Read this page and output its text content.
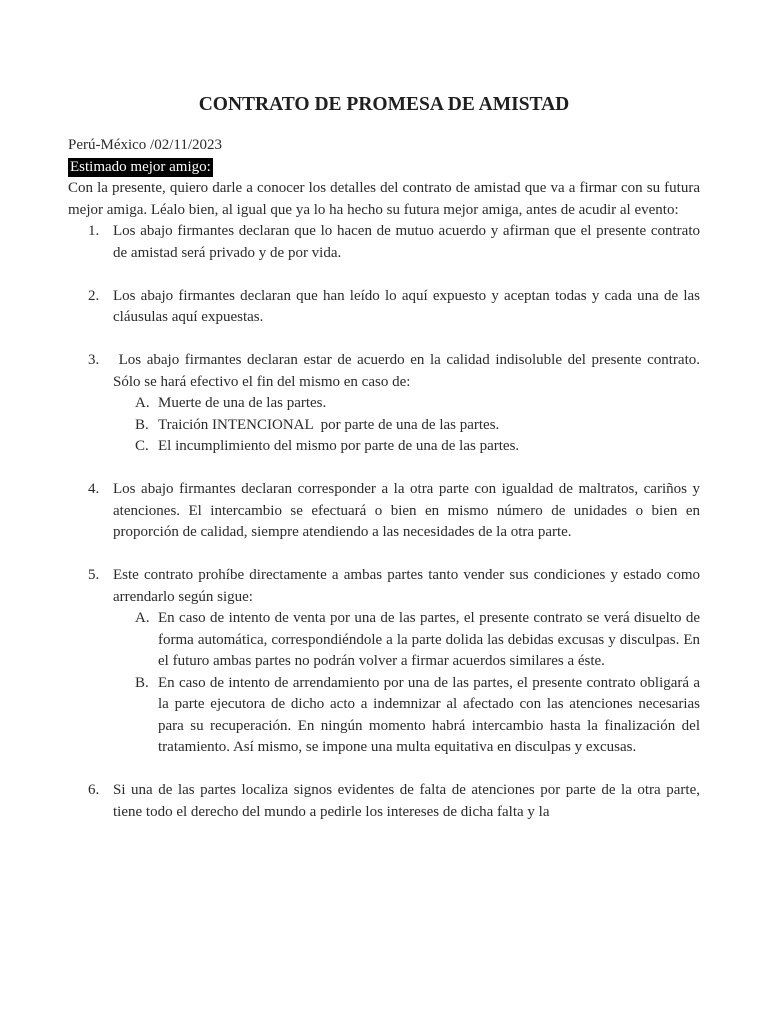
CONTRATO DE PROMESA DE AMISTAD

Perú-México /02/11/2023

Estimado mejor amigo:

Con la presente, quiero darle a conocer los detalles del contrato de amistad que va a firmar con su futura mejor amiga. Léalo bien, al igual que ya lo ha hecho su futura mejor amiga, antes de acudir al evento:

1. Los abajo firmantes declaran que lo hacen de mutuo acuerdo y afirman que el presente contrato de amistad será privado y de por vida.
2. Los abajo firmantes declaran que han leído lo aquí expuesto y aceptan todas y cada una de las cláusulas aquí expuestas.
3. Los abajo firmantes declaran estar de acuerdo en la calidad indisoluble del presente contrato. Sólo se hará efectivo el fin del mismo en caso de:
A. Muerte de una de las partes.
B. Traición INTENCIONAL  por parte de una de las partes.
C. El incumplimiento del mismo por parte de una de las partes.
4. Los abajo firmantes declaran corresponder a la otra parte con igualdad de maltratos, cariños y atenciones. El intercambio se efectuará o bien en mismo número de unidades o bien en proporción de calidad, siempre atendiendo a las necesidades de la otra parte.
5. Este contrato prohíbe directamente a ambas partes tanto vender sus condiciones y estado como arrendarlo según sigue:
A. En caso de intento de venta por una de las partes, el presente contrato se verá disuelto de forma automática, correspondiéndole a la parte dolida las debidas excusas y disculpas. En el futuro ambas partes no podrán volver a firmar acuerdos similares a éste.
B. En caso de intento de arrendamiento por una de las partes, el presente contrato obligará a la parte ejecutora de dicho acto a indemnizar al afectado con las atenciones necesarias para su recuperación. En ningún momento habrá intercambio hasta la finalización del tratamiento. Así mismo, se impone una multa equitativa en disculpas y excusas.
6. Si una de las partes localiza signos evidentes de falta de atenciones por parte de la otra parte, tiene todo el derecho del mundo a pedirle los intereses de dicha falta y la
